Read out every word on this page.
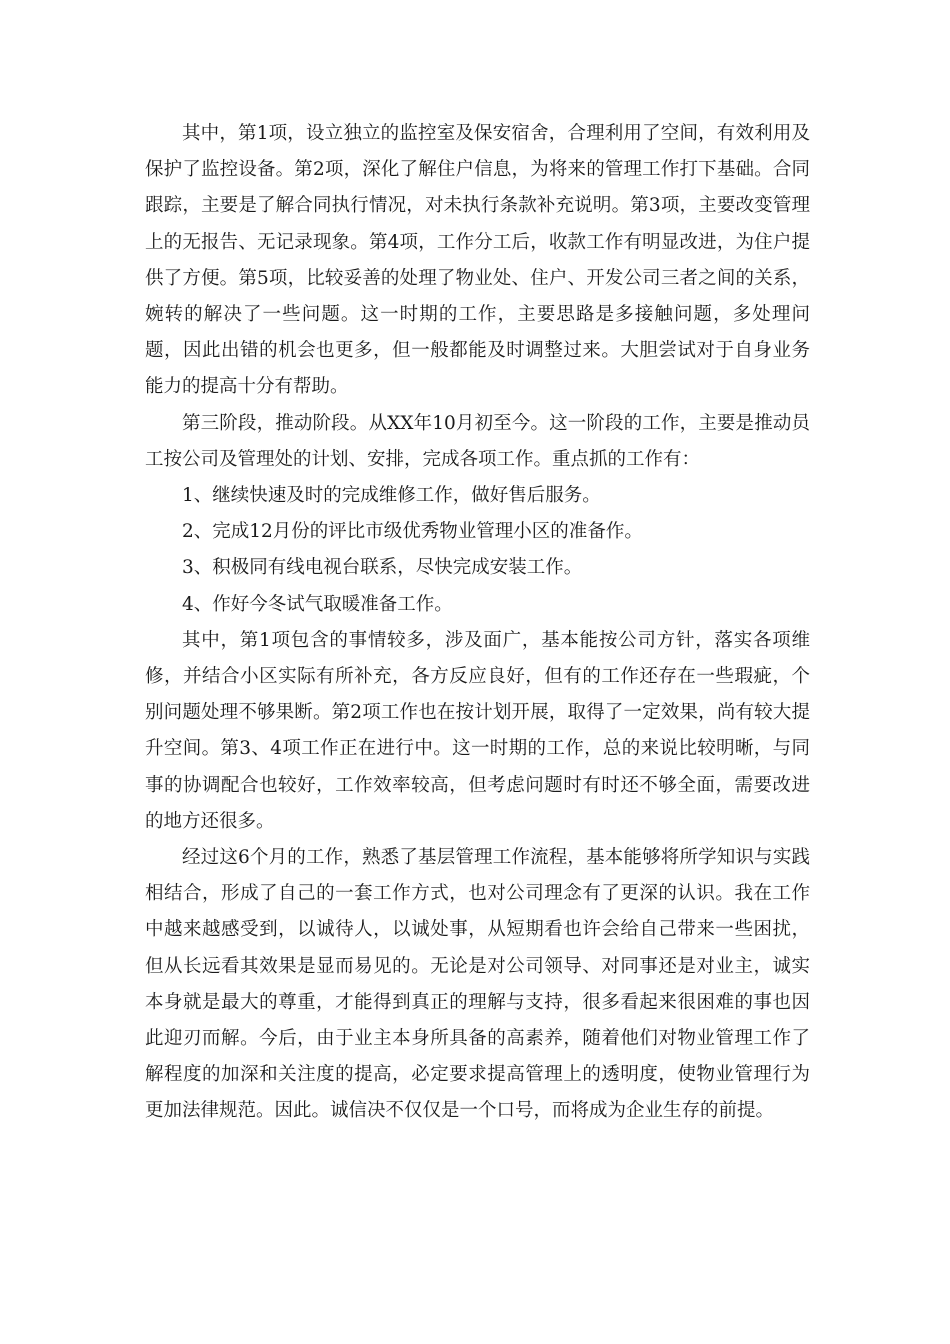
其中，第1项，设立独立的监控室及保安宿舍，合理利用了空间，有效利用及保护了监控设备。第2项，深化了解住户信息，为将来的管理工作打下基础。合同跟踪，主要是了解合同执行情况，对未执行条款补充说明。第3项，主要改变管理上的无报告、无记录现象。第4项，工作分工后，收款工作有明显改进，为住户提供了方便。第5项，比较妥善的处理了物业处、住户、开发公司三者之间的关系，婉转的解决了一些问题。这一时期的工作，主要思路是多接触问题，多处理问题，因此出错的机会也更多，但一般都能及时调整过来。大胆尝试对于自身业务能力的提高十分有帮助。

第三阶段，推动阶段。从XX年10月初至今。这一阶段的工作，主要是推动员工按公司及管理处的计划、安排，完成各项工作。重点抓的工作有：

1、继续快速及时的完成维修工作，做好售后服务。

2、完成12月份的评比市级优秀物业管理小区的准备作。

3、积极同有线电视台联系，尽快完成安装工作。

4、作好今冬试气取暖准备工作。

其中，第1项包含的事情较多，涉及面广，基本能按公司方针，落实各项维修，并结合小区实际有所补充，各方反应良好，但有的工作还存在一些瑕疵，个别问题处理不够果断。第2项工作也在按计划开展，取得了一定效果，尚有较大提升空间。第3、4项工作正在进行中。这一时期的工作，总的来说比较明晰，与同事的协调配合也较好，工作效率较高，但考虑问题时有时还不够全面，需要改进的地方还很多。

经过这6个月的工作，熟悉了基层管理工作流程，基本能够将所学知识与实践相结合，形成了自己的一套工作方式，也对公司理念有了更深的认识。我在工作中越来越感受到，以诚待人，以诚处事，从短期看也许会给自己带来一些困扰，但从长远看其效果是显而易见的。无论是对公司领导、对同事还是对业主，诚实本身就是最大的尊重，才能得到真正的理解与支持，很多看起来很困难的事也因此迎刃而解。今后，由于业主本身所具备的高素养，随着他们对物业管理工作了解程度的加深和关注度的提高，必定要求提高管理上的透明度，使物业管理行为更加法律规范。因此。诚信决不仅仅是一个口号，而将成为企业生存的前提。
